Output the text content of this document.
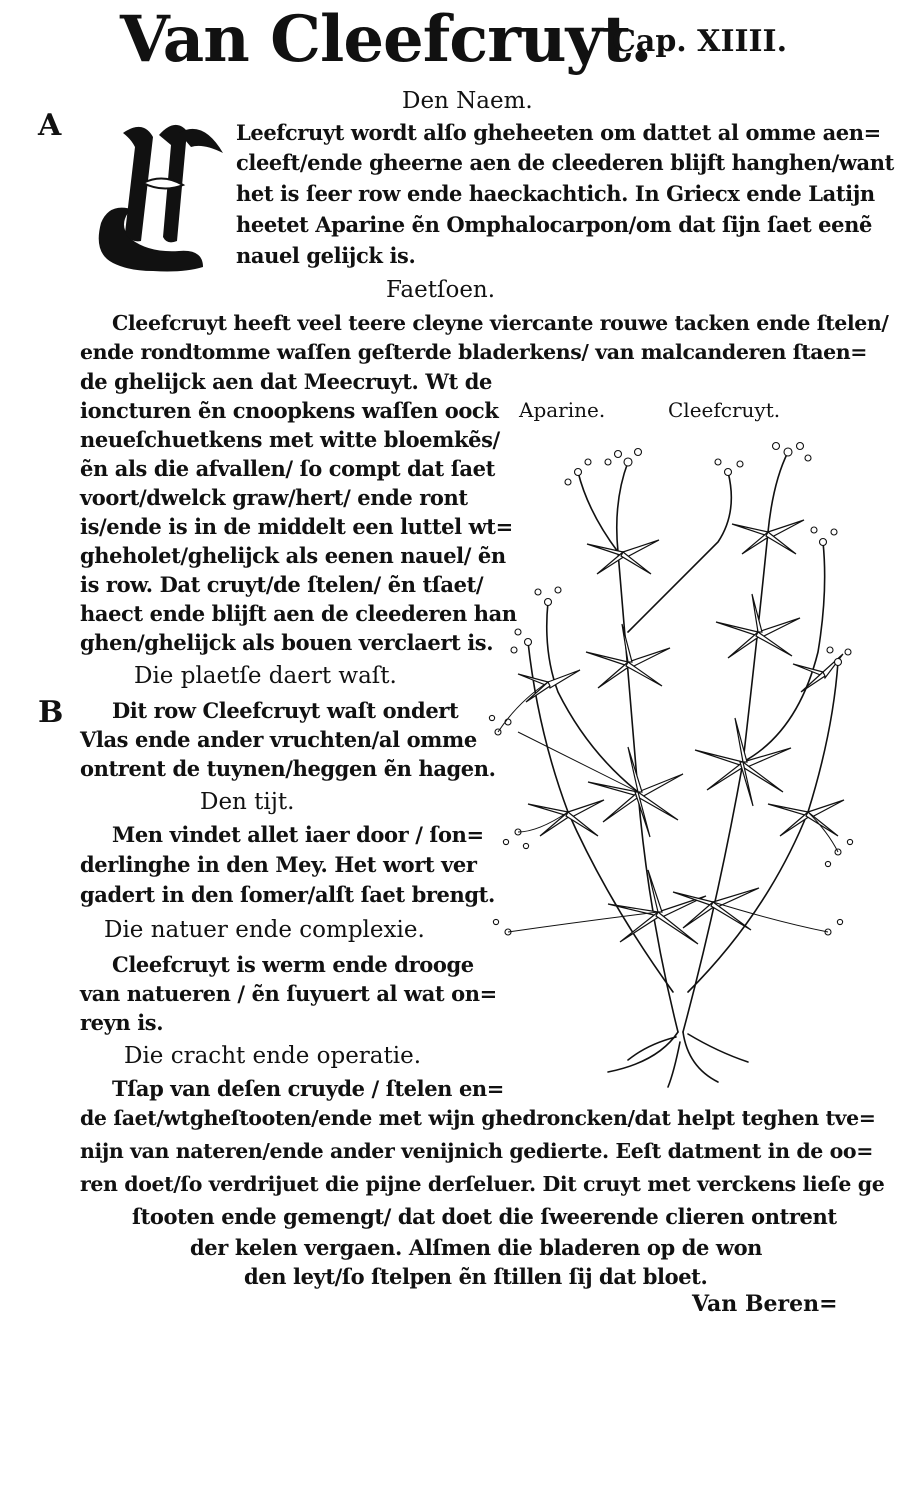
Van Cleefcruyt.
Cap. XIIII.
Den Naem.
A	Leefcruyt wordt alſo gheheeten om dattet al omme aen=
cleeft/ende gheerne aen de cleederen blijft hanghen/want
het is ſeer row ende haeckachtich. In Griecx ende Latijn
heetet Aparine ẽn Omphalocarpon/om dat ſijn ſaet eenẽ
nauel gelijck is.
Faetſoen.
Cleefcruyt heeft veel teere cleyne viercante rouwe tacken ende ſtelen/
ende rondtomme waſſen geſterde bladerkens/ van malcanderen ſtaen=
de ghelijck aen dat Meecruyt. Wt de
ioncturen ẽn cnoopkens waſſen oock
neueſchuetkens met witte bloemkẽs/
ẽn als die afvallen/ ſo compt dat ſaet
voort/dwelck graw/hert/ ende ront
is/ende is in de middelt een luttel wt=
gheholet/ghelijck als eenen nauel/ ẽn
is row. Dat cruyt/de ſtelen/ ẽn tſaet/
haect ende blijft aen de cleederen han
ghen/ghelijck als bouen verclaert is.
Die plaetſe daert waſt.
B Dit row Cleefcruyt waſt ondert
Vlas ende ander vruchten/al omme
ontrent de tuynen/heggen ẽn hagen.
Den tijt.
Men vindet allet iaer door / ſon=
derlinghe in den Mey. Het wort ver
gadert in den ſomer/alſt ſaet brengt.
Die natuer ende complexie.
Cleefcruyt is werm ende drooge
van natueren / ẽn ſuyuert al wat on=
reyn is.
Die cracht ende operatie.
Tſap van deſen cruyde / ſtelen en=
de ſaet/wtgheſtooten/ende met wijn ghedroncken/dat helpt teghen tve=
nijn van nateren/ende ander venijnich gedierte. Eeſt datment in de oo=
ren doet/ſo verdrijuet die pijne derſeluer. Dit cruyt met verckens lieſe ge
ſtooten ende gemengt/ dat doet die ſweerende clieren ontrent
der kelen vergaen. Alſmen die bladeren op de won
den leyt/ſo ſtelpen ẽn ſtillen ſij dat bloet.
Aparine.	Cleefcruyt.
Van Beren=
